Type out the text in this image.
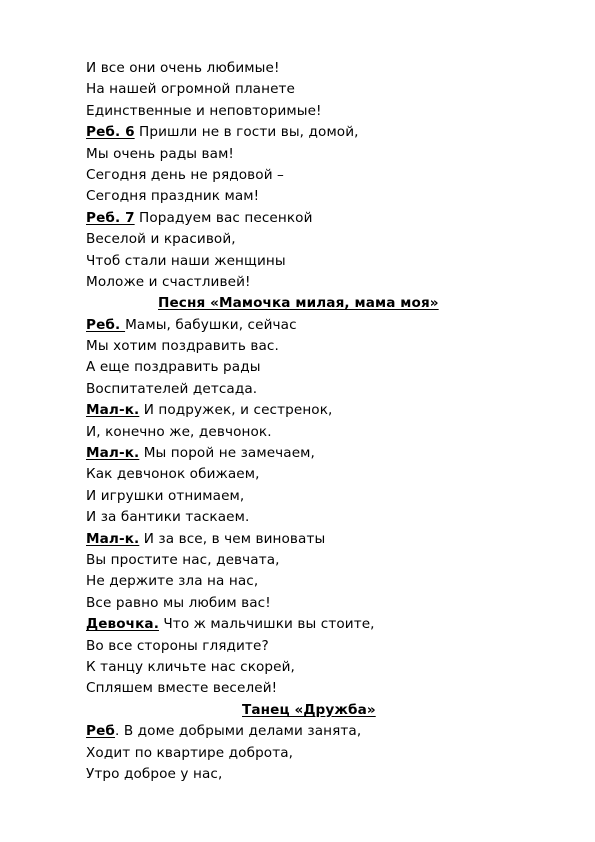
И все они очень любимые!
На нашей огромной планете
Единственные и неповторимые!
Реб. 6 Пришли не в гости вы, домой,
Мы очень рады вам!
Сегодня день не рядовой –
Сегодня праздник мам!
Реб. 7 Порадуем вас песенкой
Веселой и красивой,
Чтоб стали наши женщины
Моложе и счастливей!
Песня «Мамочка милая, мама моя»
Реб. Мамы, бабушки, сейчас
Мы хотим поздравить вас.
А еще поздравить рады
Воспитателей детсада.
Мал-к. И подружек, и сестренок,
И, конечно же, девчонок.
Мал-к. Мы порой не замечаем,
Как девчонок обижаем,
И игрушки отнимаем,
И за бантики таскаем.
Мал-к. И за все, в чем виноваты
Вы простите нас, девчата,
Не держите зла на нас,
Все равно мы любим вас!
Девочка. Что ж мальчишки вы стоите,
Во все стороны глядите?
К танцу кличьте нас скорей,
Спляшем вместе веселей!
Танец «Дружба»
Реб. В доме добрыми делами занята,
Ходит по квартире доброта,
Утро доброе у нас,
